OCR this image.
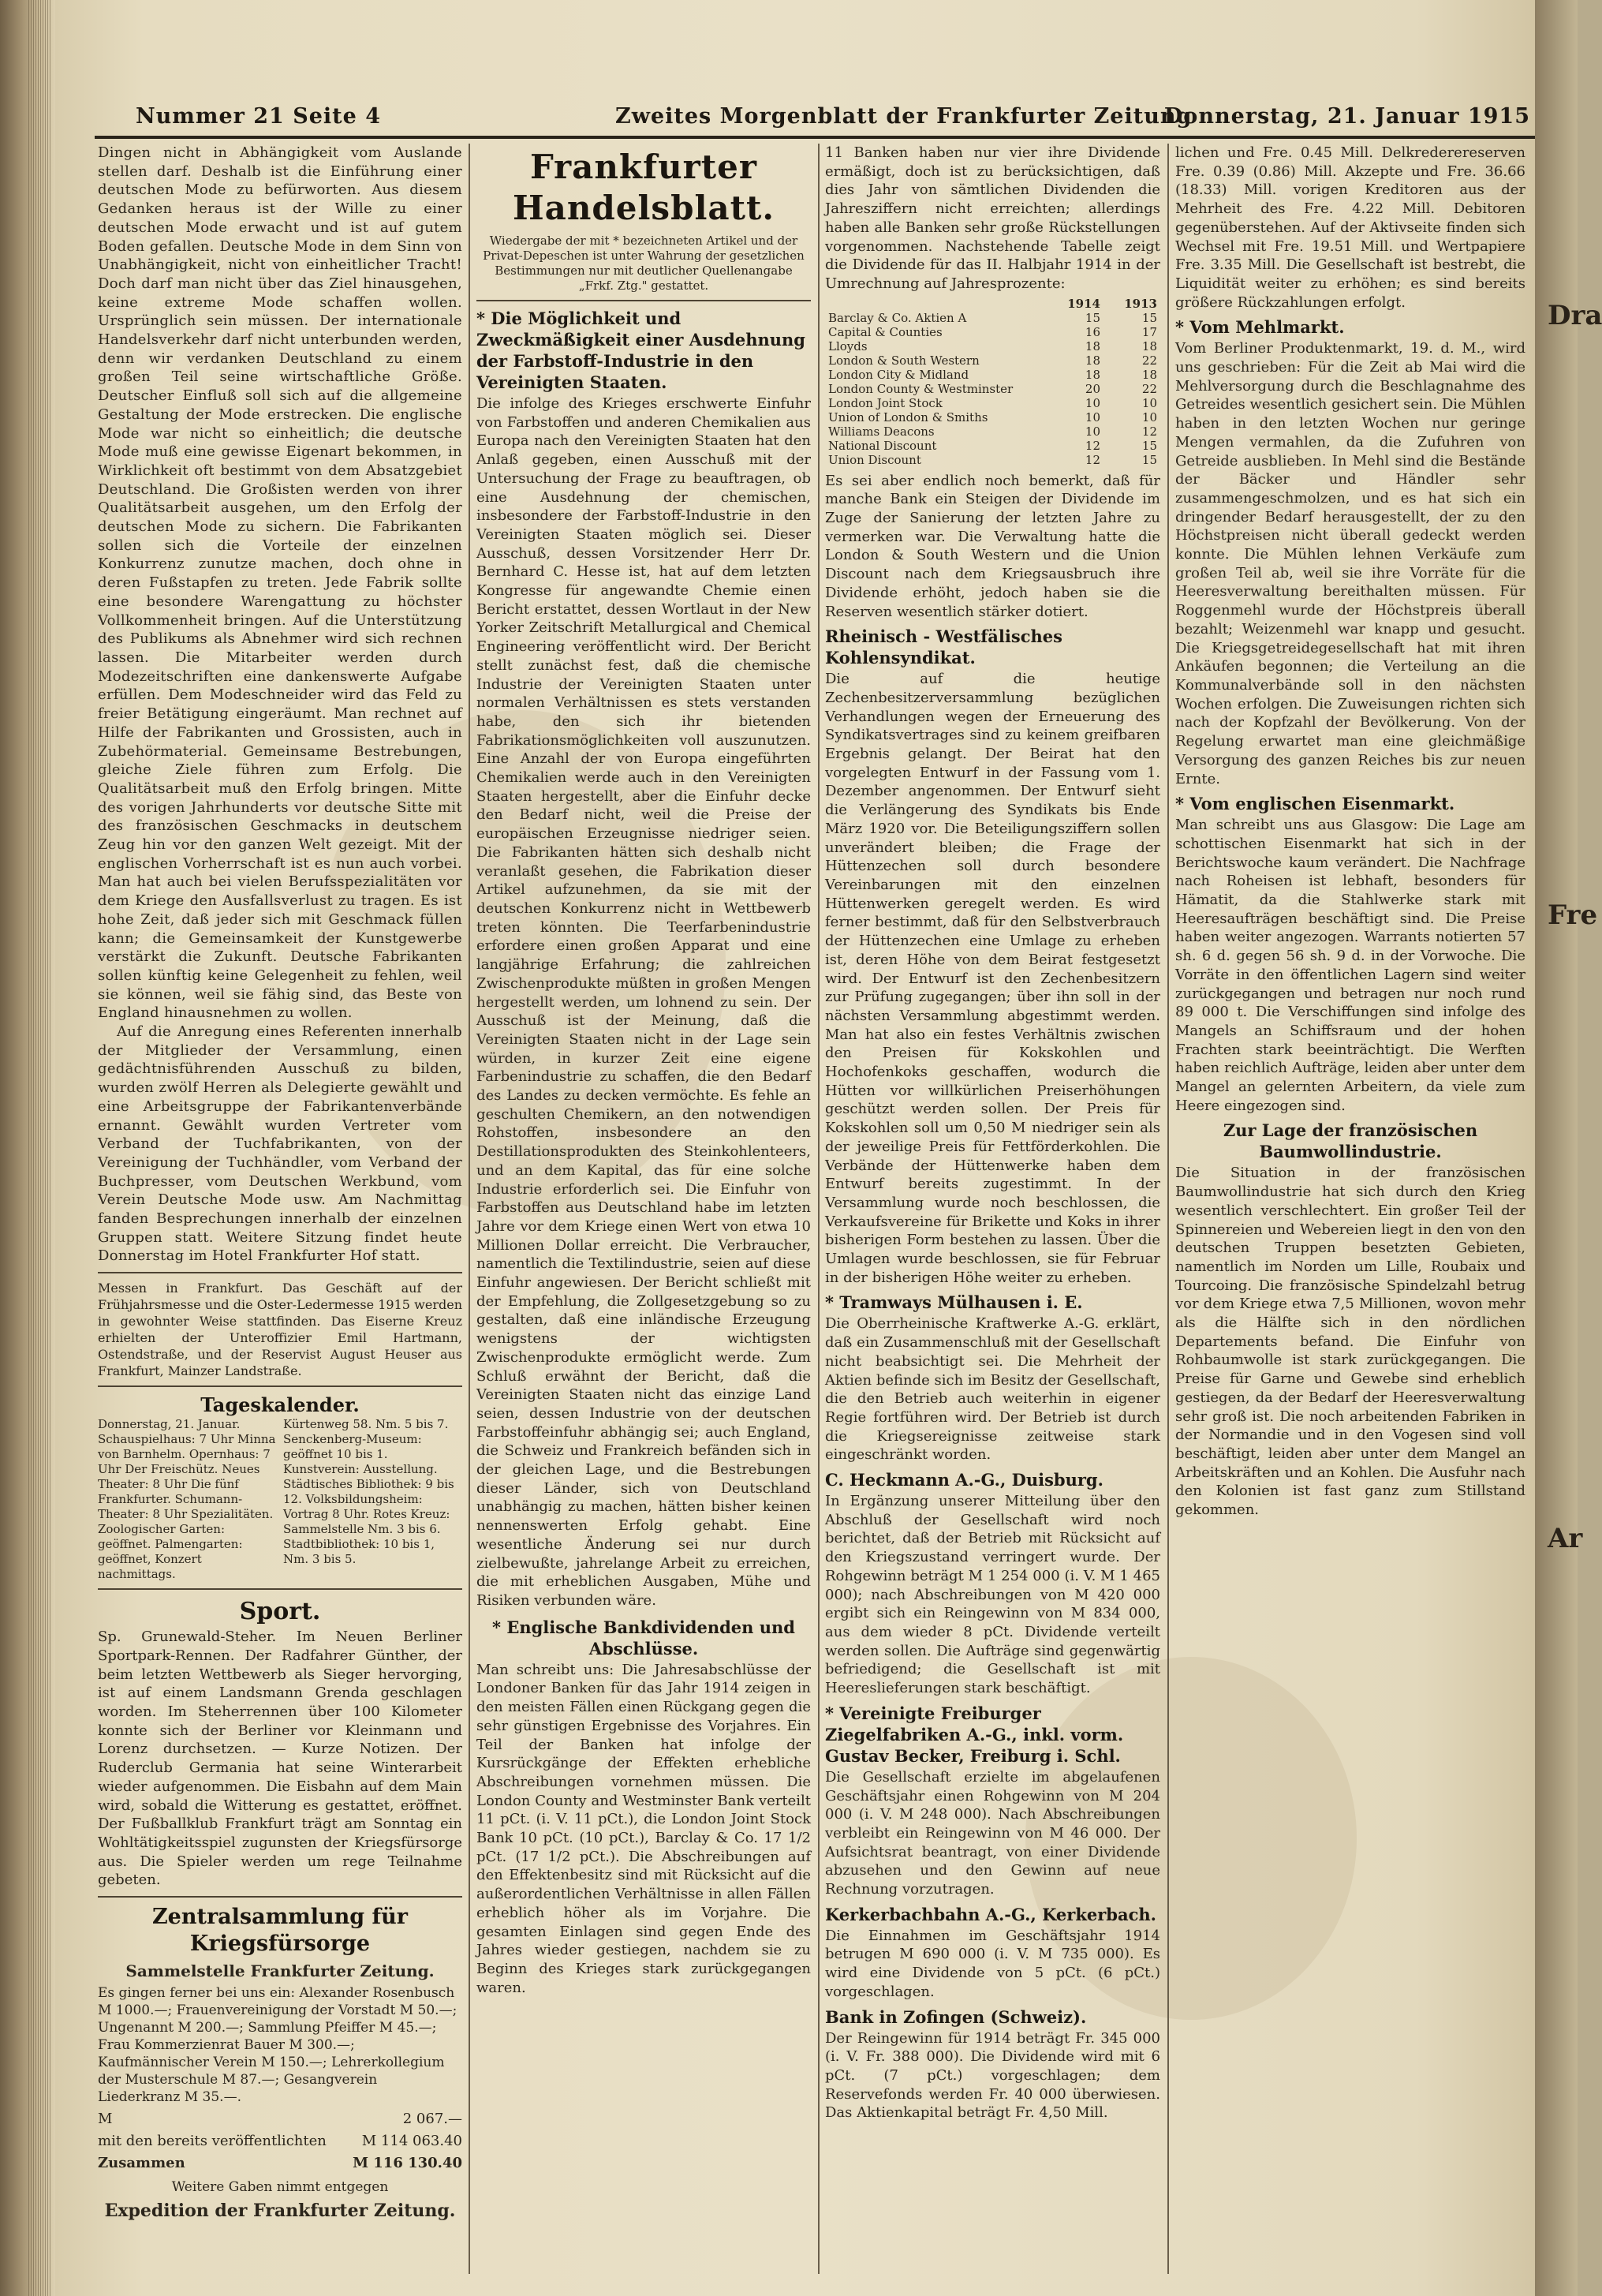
Dra
Fre
Ar
Nummer 21 Seite 4	Zweites Morgenblatt der Frankfurter Zeitung
Donnerstag, 21. Januar 1915

Dingen nicht in Abhängigkeit vom Auslande stellen darf. Deshalb ist die Einführung einer deutschen Mode zu befürworten. Aus diesem Gedanken heraus ist der Wille zu einer deutschen Mode erwacht und ist auf gutem Boden gefallen. Deutsche Mode in dem Sinn von Unabhängigkeit, nicht von einheitlicher Tracht! Doch darf man nicht über das Ziel hinausgehen, keine extreme Mode schaffen wollen. Ursprünglich sein müssen. Der internationale Handelsverkehr darf nicht unterbunden werden, denn wir verdanken Deutschland zu einem großen Teil seine wirtschaftliche Größe. Deutscher Einfluß soll sich auf die allgemeine Gestaltung der Mode erstrecken. Die englische Mode war nicht so einheitlich; die deutsche Mode muß eine gewisse Eigenart bekommen, in Wirklichkeit oft bestimmt von dem Absatzgebiet Deutschland. Die Großisten werden von ihrer Qualitätsarbeit ausgehen, um den Erfolg der deutschen Mode zu sichern. Die Fabrikanten sollen sich die Vorteile der einzelnen Konkurrenz zunutze machen, doch ohne in deren Fußstapfen zu treten. Jede Fabrik sollte eine besondere Warengattung zu höchster Vollkommenheit bringen. Auf die Unterstützung des Publikums als Abnehmer wird sich rechnen lassen. Die Mitarbeiter werden durch Modezeitschriften eine dankenswerte Aufgabe erfüllen. Dem Modeschneider wird das Feld zu freier Betätigung eingeräumt. Man rechnet auf Hilfe der Fabrikanten und Grossisten, auch in Zubehörmaterial. Gemeinsame Bestrebungen, gleiche Ziele führen zum Erfolg. Die Qualitätsarbeit muß den Erfolg bringen. Mitte des vorigen Jahrhunderts vor deutsche Sitte mit des französischen Geschmacks in deutschem Zeug hin vor den ganzen Welt gezeigt. Mit der englischen Vorherrschaft ist es nun auch vorbei. Man hat auch bei vielen Berufsspezialitäten vor dem Kriege den Ausfallsverlust zu tragen. Es ist hohe Zeit, daß jeder sich mit Geschmack füllen kann; die Gemeinsamkeit der Kunstgewerbe verstärkt die Zukunft. Deutsche Fabrikanten sollen künftig keine Gelegenheit zu fehlen, weil sie können, weil sie fähig sind, das Beste von England hinausnehmen zu wollen.

Auf die Anregung eines Referenten innerhalb der Mitglieder der Versammlung, einen gedächtnisführenden Ausschuß zu bilden, wurden zwölf Herren als Delegierte gewählt und eine Arbeitsgruppe der Fabrikantenverbände ernannt. Gewählt wurden Vertreter vom Verband der Tuchfabrikanten, von der Vereinigung der Tuchhändler, vom Verband der Buchpresser, vom Deutschen Werkbund, vom Verein Deutsche Mode usw. Am Nachmittag fanden Besprechungen innerhalb der einzelnen Gruppen statt. Weitere Sitzung findet heute Donnerstag im Hotel Frankfurter Hof statt.

Messen in Frankfurt. Das Geschäft auf der Frühjahrsmesse und die Oster-Ledermesse 1915 werden in gewohnter Weise stattfinden. Das Eiserne Kreuz erhielten der Unteroffizier Emil Hartmann, Ostendstraße, und der Reservist August Heuser aus Frankfurt, Mainzer Landstraße.

Tageskalender.
Donnerstag, 21. Januar. Schauspielhaus: 7 Uhr Minna von Barnhelm. Opernhaus: 7 Uhr Der Freischütz. Neues Theater: 8 Uhr Die fünf Frankfurter. Schumann-Theater: 8 Uhr Spezialitäten. Zoologischer Garten: geöffnet. Palmengarten: geöffnet, Konzert nachmittags.
Kürtenweg 58. Nm. 5 bis 7. Senckenberg-Museum: geöffnet 10 bis 1. Kunstverein: Ausstellung. Städtisches Bibliothek: 9 bis 12. Volksbildungsheim: Vortrag 8 Uhr. Rotes Kreuz: Sammelstelle Nm. 3 bis 6. Stadtbibliothek: 10 bis 1, Nm. 3 bis 5.
Sport.

Sp. Grunewald-Steher. Im Neuen Berliner Sportpark-Rennen. Der Radfahrer Günther, der beim letzten Wettbewerb als Sieger hervorging, ist auf einem Landsmann Grenda geschlagen worden. Im Steherrennen über 100 Kilometer konnte sich der Berliner vor Kleinmann und Lorenz durchsetzen. — Kurze Notizen. Der Ruderclub Germania hat seine Winterarbeit wieder aufgenommen. Die Eisbahn auf dem Main wird, sobald die Witterung es gestattet, eröffnet. Der Fußballklub Frankfurt trägt am Sonntag ein Wohltätigkeitsspiel zugunsten der Kriegsfürsorge aus. Die Spieler werden um rege Teilnahme gebeten.

Zentralsammlung für Kriegsfürsorge
Sammelstelle Frankfurter Zeitung.

Es gingen ferner bei uns ein: Alexander Rosenbusch M 1000.—; Frauenvereinigung der Vorstadt M 50.—; Ungenannt M 200.—; Sammlung Pfeiffer M 45.—; Frau Kommerzienrat Bauer M 300.—; Kaufmännischer Verein M 150.—; Lehrerkollegium der Musterschule M 87.—; Gesangverein Liederkranz M 35.—.

M	2 067.—
mit den bereits veröffentlichten M 114 063.40
Zusammen	M 116 130.40
Weitere Gaben nimmt entgegen
Expedition der Frankfurter Zeitung.
Frankfurter Handelsblatt.

Wiedergabe der mit * bezeichneten Artikel und der Privat-Depeschen ist unter Wahrung der gesetzlichen Bestimmungen nur mit deutlicher Quellenangabe „Frkf. Ztg." gestattet.

* Die Möglichkeit und Zweckmäßigkeit einer Ausdehnung der Farbstoff-Industrie in den Vereinigten Staaten.

Die infolge des Krieges erschwerte Einfuhr von Farbstoffen und anderen Chemikalien aus Europa nach den Vereinigten Staaten hat den Anlaß gegeben, einen Ausschuß mit der Untersuchung der Frage zu beauftragen, ob eine Ausdehnung der chemischen, insbesondere der Farbstoff-Industrie in den Vereinigten Staaten möglich sei. Dieser Ausschuß, dessen Vorsitzender Herr Dr. Bernhard C. Hesse ist, hat auf dem letzten Kongresse für angewandte Chemie einen Bericht erstattet, dessen Wortlaut in der New Yorker Zeitschrift Metallurgical and Chemical Engineering veröffentlicht wird. Der Bericht stellt zunächst fest, daß die chemische Industrie der Vereinigten Staaten unter normalen Verhältnissen es stets verstanden habe, den sich ihr bietenden Fabrikationsmöglichkeiten voll auszunutzen. Eine Anzahl der von Europa eingeführten Chemikalien werde auch in den Vereinigten Staaten hergestellt, aber die Einfuhr decke den Bedarf nicht, weil die Preise der europäischen Erzeugnisse niedriger seien. Die Fabrikanten hätten sich deshalb nicht veranlaßt gesehen, die Fabrikation dieser Artikel aufzunehmen, da sie mit der deutschen Konkurrenz nicht in Wettbewerb treten könnten. Die Teerfarbenindustrie erfordere einen großen Apparat und eine langjährige Erfahrung; die zahlreichen Zwischenprodukte müßten in großen Mengen hergestellt werden, um lohnend zu sein. Der Ausschuß ist der Meinung, daß die Vereinigten Staaten nicht in der Lage sein würden, in kurzer Zeit eine eigene Farbenindustrie zu schaffen, die den Bedarf des Landes zu decken vermöchte. Es fehle an geschulten Chemikern, an den notwendigen Rohstoffen, insbesondere an den Destillationsprodukten des Steinkohlenteers, und an dem Kapital, das für eine solche Industrie erforderlich sei. Die Einfuhr von Farbstoffen aus Deutschland habe im letzten Jahre vor dem Kriege einen Wert von etwa 10 Millionen Dollar erreicht. Die Verbraucher, namentlich die Textilindustrie, seien auf diese Einfuhr angewiesen. Der Bericht schließt mit der Empfehlung, die Zollgesetzgebung so zu gestalten, daß eine inländische Erzeugung wenigstens der wichtigsten Zwischenprodukte ermöglicht werde. Zum Schluß erwähnt der Bericht, daß die Vereinigten Staaten nicht das einzige Land seien, dessen Industrie von der deutschen Farbstoffeinfuhr abhängig sei; auch England, die Schweiz und Frankreich befänden sich in der gleichen Lage, und die Bestrebungen dieser Länder, sich von Deutschland unabhängig zu machen, hätten bisher keinen nennenswerten Erfolg gehabt. Eine wesentliche Änderung sei nur durch zielbewußte, jahrelange Arbeit zu erreichen, die mit erheblichen Ausgaben, Mühe und Risiken verbunden wäre.

* Englische Bankdividenden und Abschlüsse.

Man schreibt uns: Die Jahresabschlüsse der Londoner Banken für das Jahr 1914 zeigen in den meisten Fällen einen Rückgang gegen die sehr günstigen Ergebnisse des Vorjahres. Ein Teil der Banken hat infolge der Kursrückgänge der Effekten erhebliche Abschreibungen vornehmen müssen. Die London County and Westminster Bank verteilt 11 pCt. (i. V. 11 pCt.), die London Joint Stock Bank 10 pCt. (10 pCt.), Barclay & Co. 17 1/2 pCt. (17 1/2 pCt.). Die Abschreibungen auf den Effektenbesitz sind mit Rücksicht auf die außerordentlichen Verhältnisse in allen Fällen erheblich höher als im Vorjahre. Die gesamten Einlagen sind gegen Ende des Jahres wieder gestiegen, nachdem sie zu Beginn des Krieges stark zurückgegangen waren.

11 Banken haben nur vier ihre Dividende ermäßigt, doch ist zu berücksichtigen, daß dies Jahr von sämtlichen Dividenden die Jahresziffern nicht erreichten; allerdings haben alle Banken sehr große Rückstellungen vorgenommen. Nachstehende Tabelle zeigt die Dividende für das II. Halbjahr 1914 in der Umrechnung auf Jahresprozente:

	1914	1913
Barclay & Co. Aktien A	15	15
Capital & Counties	16	17
Lloyds	18	18
London & South Western	18	22
London City & Midland	18	18
London County & Westminster	20	22
London Joint Stock	10	10
Union of London & Smiths	10	10
Williams Deacons	10	12
National Discount	12	15
Union Discount	12	15

Es sei aber endlich noch bemerkt, daß für manche Bank ein Steigen der Dividende im Zuge der Sanierung der letzten Jahre zu vermerken war. Die Verwaltung hatte die London & South Western und die Union Discount nach dem Kriegsausbruch ihre Dividende erhöht, jedoch haben sie die Reserven wesentlich stärker dotiert.

Rheinisch - Westfälisches Kohlensyndikat.

Die auf die heutige Zechenbesitzerversammlung bezüglichen Verhandlungen wegen der Erneuerung des Syndikatsvertrages sind zu keinem greifbaren Ergebnis gelangt. Der Beirat hat den vorgelegten Entwurf in der Fassung vom 1. Dezember angenommen. Der Entwurf sieht die Verlängerung des Syndikats bis Ende März 1920 vor. Die Beteiligungsziffern sollen unverändert bleiben; die Frage der Hüttenzechen soll durch besondere Vereinbarungen mit den einzelnen Hüttenwerken geregelt werden. Es wird ferner bestimmt, daß für den Selbstverbrauch der Hüttenzechen eine Umlage zu erheben ist, deren Höhe von dem Beirat festgesetzt wird. Der Entwurf ist den Zechenbesitzern zur Prüfung zugegangen; über ihn soll in der nächsten Versammlung abgestimmt werden. Man hat also ein festes Verhältnis zwischen den Preisen für Kokskohlen und Hochofenkoks geschaffen, wodurch die Hütten vor willkürlichen Preiserhöhungen geschützt werden sollen. Der Preis für Kokskohlen soll um 0,50 M niedriger sein als der jeweilige Preis für Fettförderkohlen. Die Verbände der Hüttenwerke haben dem Entwurf bereits zugestimmt. In der Versammlung wurde noch beschlossen, die Verkaufsvereine für Brikette und Koks in ihrer bisherigen Form bestehen zu lassen. Über die Umlagen wurde beschlossen, sie für Februar in der bisherigen Höhe weiter zu erheben.

* Tramways Mülhausen i. E.

Die Oberrheinische Kraftwerke A.-G. erklärt, daß ein Zusammenschluß mit der Gesellschaft nicht beabsichtigt sei. Die Mehrheit der Aktien befinde sich im Besitz der Gesellschaft, die den Betrieb auch weiterhin in eigener Regie fortführen wird. Der Betrieb ist durch die Kriegsereignisse zeitweise stark eingeschränkt worden.

C. Heckmann A.-G., Duisburg.

In Ergänzung unserer Mitteilung über den Abschluß der Gesellschaft wird noch berichtet, daß der Betrieb mit Rücksicht auf den Kriegszustand verringert wurde. Der Rohgewinn beträgt M 1 254 000 (i. V. M 1 465 000); nach Abschreibungen von M 420 000 ergibt sich ein Reingewinn von M 834 000, aus dem wieder 8 pCt. Dividende verteilt werden sollen. Die Aufträge sind gegenwärtig befriedigend; die Gesellschaft ist mit Heereslieferungen stark beschäftigt.

* Vereinigte Freiburger Ziegelfabriken A.-G., inkl. vorm. Gustav Becker, Freiburg i. Schl.

Die Gesellschaft erzielte im abgelaufenen Geschäftsjahr einen Rohgewinn von M 204 000 (i. V. M 248 000). Nach Abschreibungen verbleibt ein Reingewinn von M 46 000. Der Aufsichtsrat beantragt, von einer Dividende abzusehen und den Gewinn auf neue Rechnung vorzutragen.

Kerkerbachbahn A.-G., Kerkerbach.

Die Einnahmen im Geschäftsjahr 1914 betrugen M 690 000 (i. V. M 735 000). Es wird eine Dividende von 5 pCt. (6 pCt.) vorgeschlagen.

Bank in Zofingen (Schweiz).

Der Reingewinn für 1914 beträgt Fr. 345 000 (i. V. Fr. 388 000). Die Dividende wird mit 6 pCt. (7 pCt.) vorgeschlagen; dem Reservefonds werden Fr. 40 000 überwiesen. Das Aktienkapital beträgt Fr. 4,50 Mill.

lichen und Fre. 0.45 Mill. Delkrederereserven Fre. 0.39 (0.86) Mill. Akzepte und Fre. 36.66 (18.33) Mill. vorigen Kreditoren aus der Mehrheit des Fre. 4.22 Mill. Debitoren gegenüberstehen. Auf der Aktivseite finden sich Wechsel mit Fre. 19.51 Mill. und Wertpapiere Fre. 3.35 Mill. Die Gesellschaft ist bestrebt, die Liquidität weiter zu erhöhen; es sind bereits größere Rückzahlungen erfolgt.

* Vom Mehlmarkt.

Vom Berliner Produktenmarkt, 19. d. M., wird uns geschrieben: Für die Zeit ab Mai wird die Mehlversorgung durch die Beschlagnahme des Getreides wesentlich gesichert sein. Die Mühlen haben in den letzten Wochen nur geringe Mengen vermahlen, da die Zufuhren von Getreide ausblieben. In Mehl sind die Bestände der Bäcker und Händler sehr zusammengeschmolzen, und es hat sich ein dringender Bedarf herausgestellt, der zu den Höchstpreisen nicht überall gedeckt werden konnte. Die Mühlen lehnen Verkäufe zum großen Teil ab, weil sie ihre Vorräte für die Heeresverwaltung bereithalten müssen. Für Roggenmehl wurde der Höchstpreis überall bezahlt; Weizenmehl war knapp und gesucht. Die Kriegsgetreidegesellschaft hat mit ihren Ankäufen begonnen; die Verteilung an die Kommunalverbände soll in den nächsten Wochen erfolgen. Die Zuweisungen richten sich nach der Kopfzahl der Bevölkerung. Von der Regelung erwartet man eine gleichmäßige Versorgung des ganzen Reiches bis zur neuen Ernte.

* Vom englischen Eisenmarkt.

Man schreibt uns aus Glasgow: Die Lage am schottischen Eisenmarkt hat sich in der Berichtswoche kaum verändert. Die Nachfrage nach Roheisen ist lebhaft, besonders für Hämatit, da die Stahlwerke stark mit Heeresaufträgen beschäftigt sind. Die Preise haben weiter angezogen. Warrants notierten 57 sh. 6 d. gegen 56 sh. 9 d. in der Vorwoche. Die Vorräte in den öffentlichen Lagern sind weiter zurückgegangen und betragen nur noch rund 89 000 t. Die Verschiffungen sind infolge des Mangels an Schiffsraum und der hohen Frachten stark beeinträchtigt. Die Werften haben reichlich Aufträge, leiden aber unter dem Mangel an gelernten Arbeitern, da viele zum Heere eingezogen sind.

Zur Lage der französischen Baumwollindustrie.

Die Situation in der französischen Baumwollindustrie hat sich durch den Krieg wesentlich verschlechtert. Ein großer Teil der Spinnereien und Webereien liegt in den von den deutschen Truppen besetzten Gebieten, namentlich im Norden um Lille, Roubaix und Tourcoing. Die französische Spindelzahl betrug vor dem Kriege etwa 7,5 Millionen, wovon mehr als die Hälfte sich in den nördlichen Departements befand. Die Einfuhr von Rohbaumwolle ist stark zurückgegangen. Die Preise für Garne und Gewebe sind erheblich gestiegen, da der Bedarf der Heeresverwaltung sehr groß ist. Die noch arbeitenden Fabriken in der Normandie und in den Vogesen sind voll beschäftigt, leiden aber unter dem Mangel an Arbeitskräften und an Kohlen. Die Ausfuhr nach den Kolonien ist fast ganz zum Stillstand gekommen.
